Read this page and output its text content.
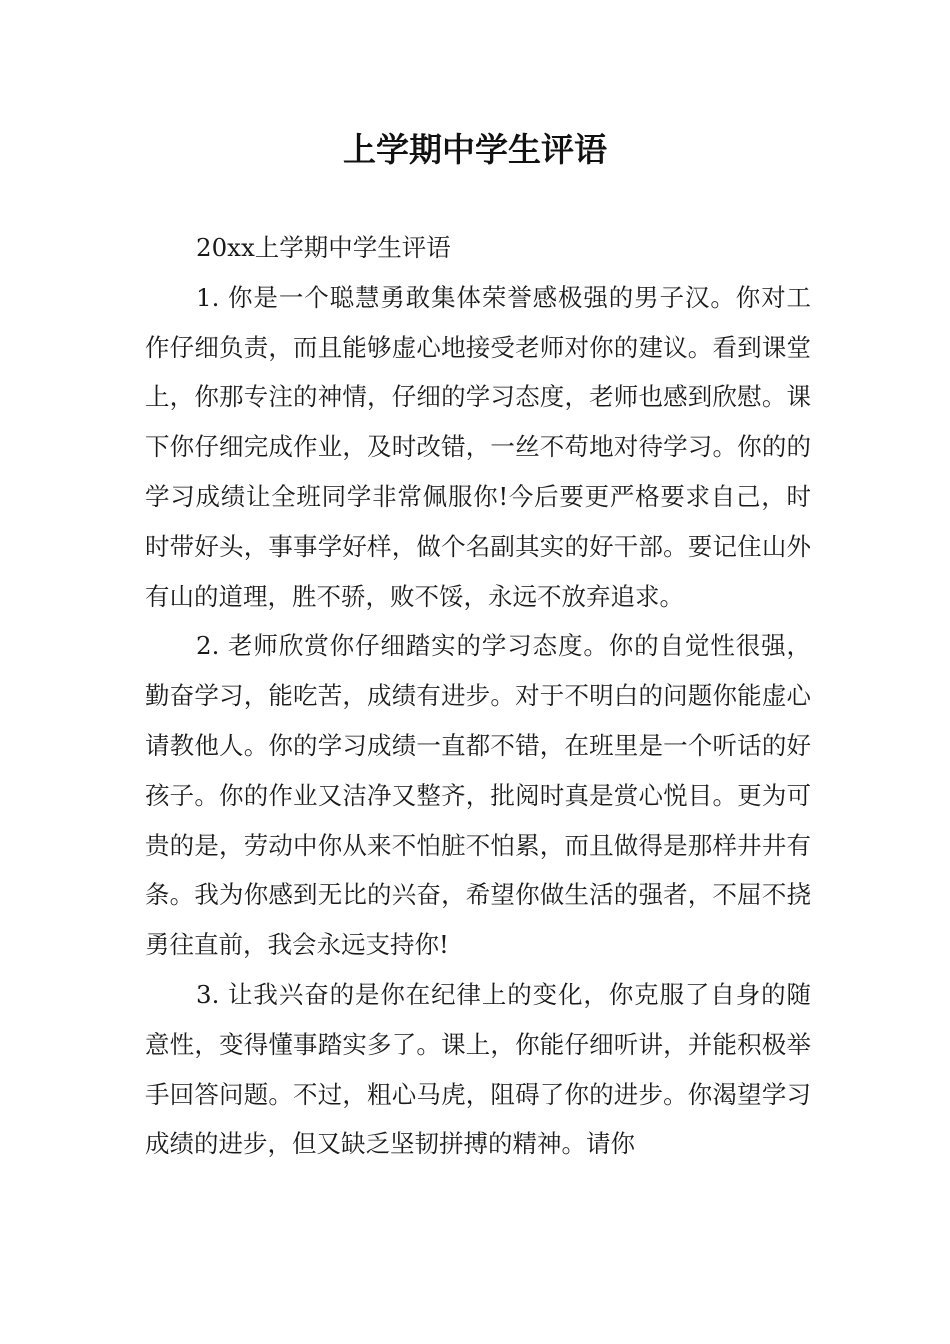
上学期中学生评语

20xx上学期中学生评语

1. 你是一个聪慧勇敢集体荣誉感极强的男子汉。你对工作仔细负责，而且能够虚心地接受老师对你的建议。看到课堂上，你那专注的神情，仔细的学习态度，老师也感到欣慰。课下你仔细完成作业，及时改错，一丝不苟地对待学习。你的的学习成绩让全班同学非常佩服你!今后要更严格要求自己，时时带好头，事事学好样，做个名副其实的好干部。要记住山外有山的道理，胜不骄，败不馁，永远不放弃追求。

2. 老师欣赏你仔细踏实的学习态度。你的自觉性很强，勤奋学习，能吃苦，成绩有进步。对于不明白的问题你能虚心请教他人。你的学习成绩一直都不错，在班里是一个听话的好孩子。你的作业又洁净又整齐，批阅时真是赏心悦目。更为可贵的是，劳动中你从来不怕脏不怕累，而且做得是那样井井有条。我为你感到无比的兴奋，希望你做生活的强者，不屈不挠勇往直前，我会永远支持你!

3. 让我兴奋的是你在纪律上的变化，你克服了自身的随意性，变得懂事踏实多了。课上，你能仔细听讲，并能积极举手回答问题。不过，粗心马虎，阻碍了你的进步。你渴望学习成绩的进步，但又缺乏坚韧拼搏的精神。请你
